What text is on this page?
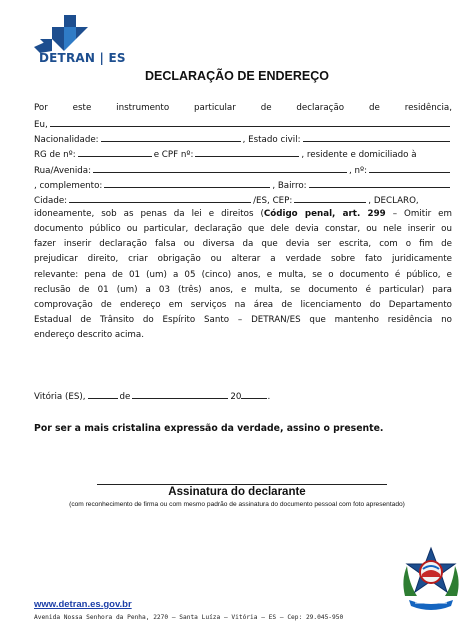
DETRAN | ES
DECLARAÇÃO DE ENDEREÇO
Por este instrumento particular de declaração de residência,
Eu,
Nacionalidade:	, Estado civil:
RG de nº:	e CPF nº:	, residente e domiciliado à
Rua/Avenida:	, nº:
, complemento:	, Bairro:
Cidade:	/ES, CEP:	, DECLARO,
idoneamente, sob as penas da lei e direitos (Código penal, art. 299 – Omitir em
documento público ou particular, declaração que dele devia constar, ou nele inserir ou
fazer inserir declaração falsa ou diversa da que devia ser escrita, com o fim de
prejudicar direito, criar obrigação ou alterar a verdade sobre fato juridicamente
relevante: pena de 01 (um) a 05 (cinco) anos, e multa, se o documento é público, e
reclusão de 01 (um) a 03 (três) anos, e multa, se documento é particular) para
comprovação de endereço em serviços na área de licenciamento do Departamento
Estadual de Trânsito do Espírito Santo – DETRAN/ES que mantenho residência no
endereço descrito acima.
Vitória (ES),	de	20	.
Por ser a mais cristalina expressão da verdade, assino o presente.
Assinatura do declarante
(com reconhecimento de firma ou com mesmo padrão de assinatura do documento pessoal com foto apresentado)
www.detran.es.gov.br
Avenida Nossa Senhora da Penha, 2270 – Santa Luíza – Vitória – ES – Cep: 29.045-950
